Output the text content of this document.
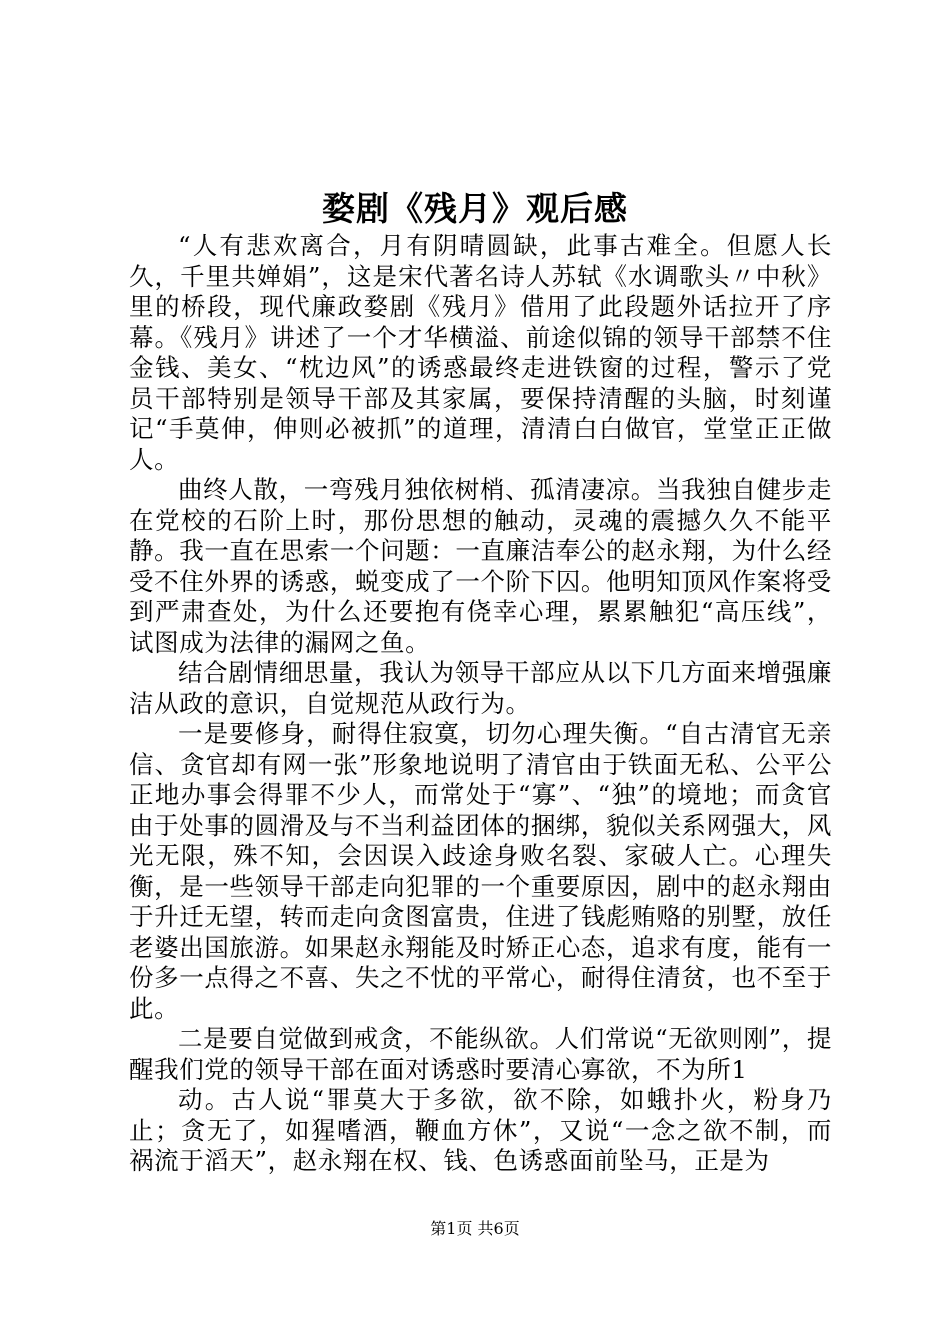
婺剧《残月》观后感

“人有悲欢离合，月有阴晴圆缺，此事古难全。但愿人长久，千里共婵娟”，这是宋代著名诗人苏轼《水调歌头〃中秋》里的桥段，现代廉政婺剧《残月》借用了此段题外话拉开了序幕。《残月》讲述了一个才华横溢、前途似锦的领导干部禁不住金钱、美女、“枕边风”的诱惑最终走进铁窗的过程，警示了党员干部特别是领导干部及其家属，要保持清醒的头脑，时刻谨记“手莫伸，伸则必被抓”的道理，清清白白做官，堂堂正正做人。

曲终人散，一弯残月独依树梢、孤清凄凉。当我独自健步走在党校的石阶上时，那份思想的触动，灵魂的震撼久久不能平静。我一直在思索一个问题：一直廉洁奉公的赵永翔，为什么经受不住外界的诱惑，蜕变成了一个阶下囚。他明知顶风作案将受到严肃查处，为什么还要抱有侥幸心理，累累触犯“高压线”，试图成为法律的漏网之鱼。

结合剧情细思量，我认为领导干部应从以下几方面来增强廉洁从政的意识，自觉规范从政行为。

一是要修身，耐得住寂寞，切勿心理失衡。“自古清官无亲信、贪官却有网一张”形象地说明了清官由于铁面无私、公平公正地办事会得罪不少人，而常处于“寡”、“独”的境地；而贪官由于处事的圆滑及与不当利益团体的捆绑，貌似关系网强大，风光无限，殊不知，会因误入歧途身败名裂、家破人亡。心理失衡，是一些领导干部走向犯罪的一个重要原因，剧中的赵永翔由于升迁无望，转而走向贪图富贵，住进了钱彪贿赂的别墅，放任老婆出国旅游。如果赵永翔能及时矫正心态，追求有度，能有一份多一点得之不喜、失之不忧的平常心，耐得住清贫，也不至于此。

二是要自觉做到戒贪，不能纵欲。人们常说“无欲则刚”，提醒我们党的领导干部在面对诱惑时要清心寡欲，不为所1

动。古人说“罪莫大于多欲，欲不除，如蛾扑火，粉身乃止；贪无了，如猩嗜酒，鞭血方休”，又说“一念之欲不制，而祸流于滔天”，赵永翔在权、钱、色诱惑面前坠马，正是为

第1页 共6页
